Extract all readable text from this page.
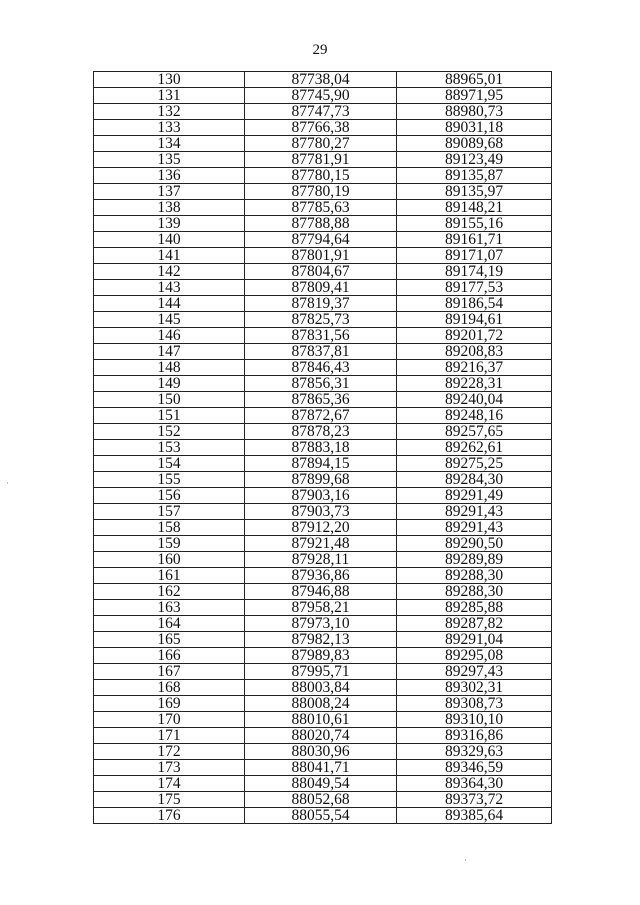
29
130	87738,04	88965,01
131	87745,90	88971,95
132	87747,73	88980,73
133	87766,38	89031,18
134	87780,27	89089,68
135	87781,91	89123,49
136	87780,15	89135,87
137	87780,19	89135,97
138	87785,63	89148,21
139	87788,88	89155,16
140	87794,64	89161,71
141	87801,91	89171,07
142	87804,67	89174,19
143	87809,41	89177,53
144	87819,37	89186,54
145	87825,73	89194,61
146	87831,56	89201,72
147	87837,81	89208,83
148	87846,43	89216,37
149	87856,31	89228,31
150	87865,36	89240,04
151	87872,67	89248,16
152	87878,23	89257,65
153	87883,18	89262,61
154	87894,15	89275,25
155	87899,68	89284,30
156	87903,16	89291,49
157	87903,73	89291,43
158	87912,20	89291,43
159	87921,48	89290,50
160	87928,11	89289,89
161	87936,86	89288,30
162	87946,88	89288,30
163	87958,21	89285,88
164	87973,10	89287,82
165	87982,13	89291,04
166	87989,83	89295,08
167	87995,71	89297,43
168	88003,84	89302,31
169	88008,24	89308,73
170	88010,61	89310,10
171	88020,74	89316,86
172	88030,96	89329,63
173	88041,71	89346,59
174	88049,54	89364,30
175	88052,68	89373,72
176	88055,54	89385,64
·
·
